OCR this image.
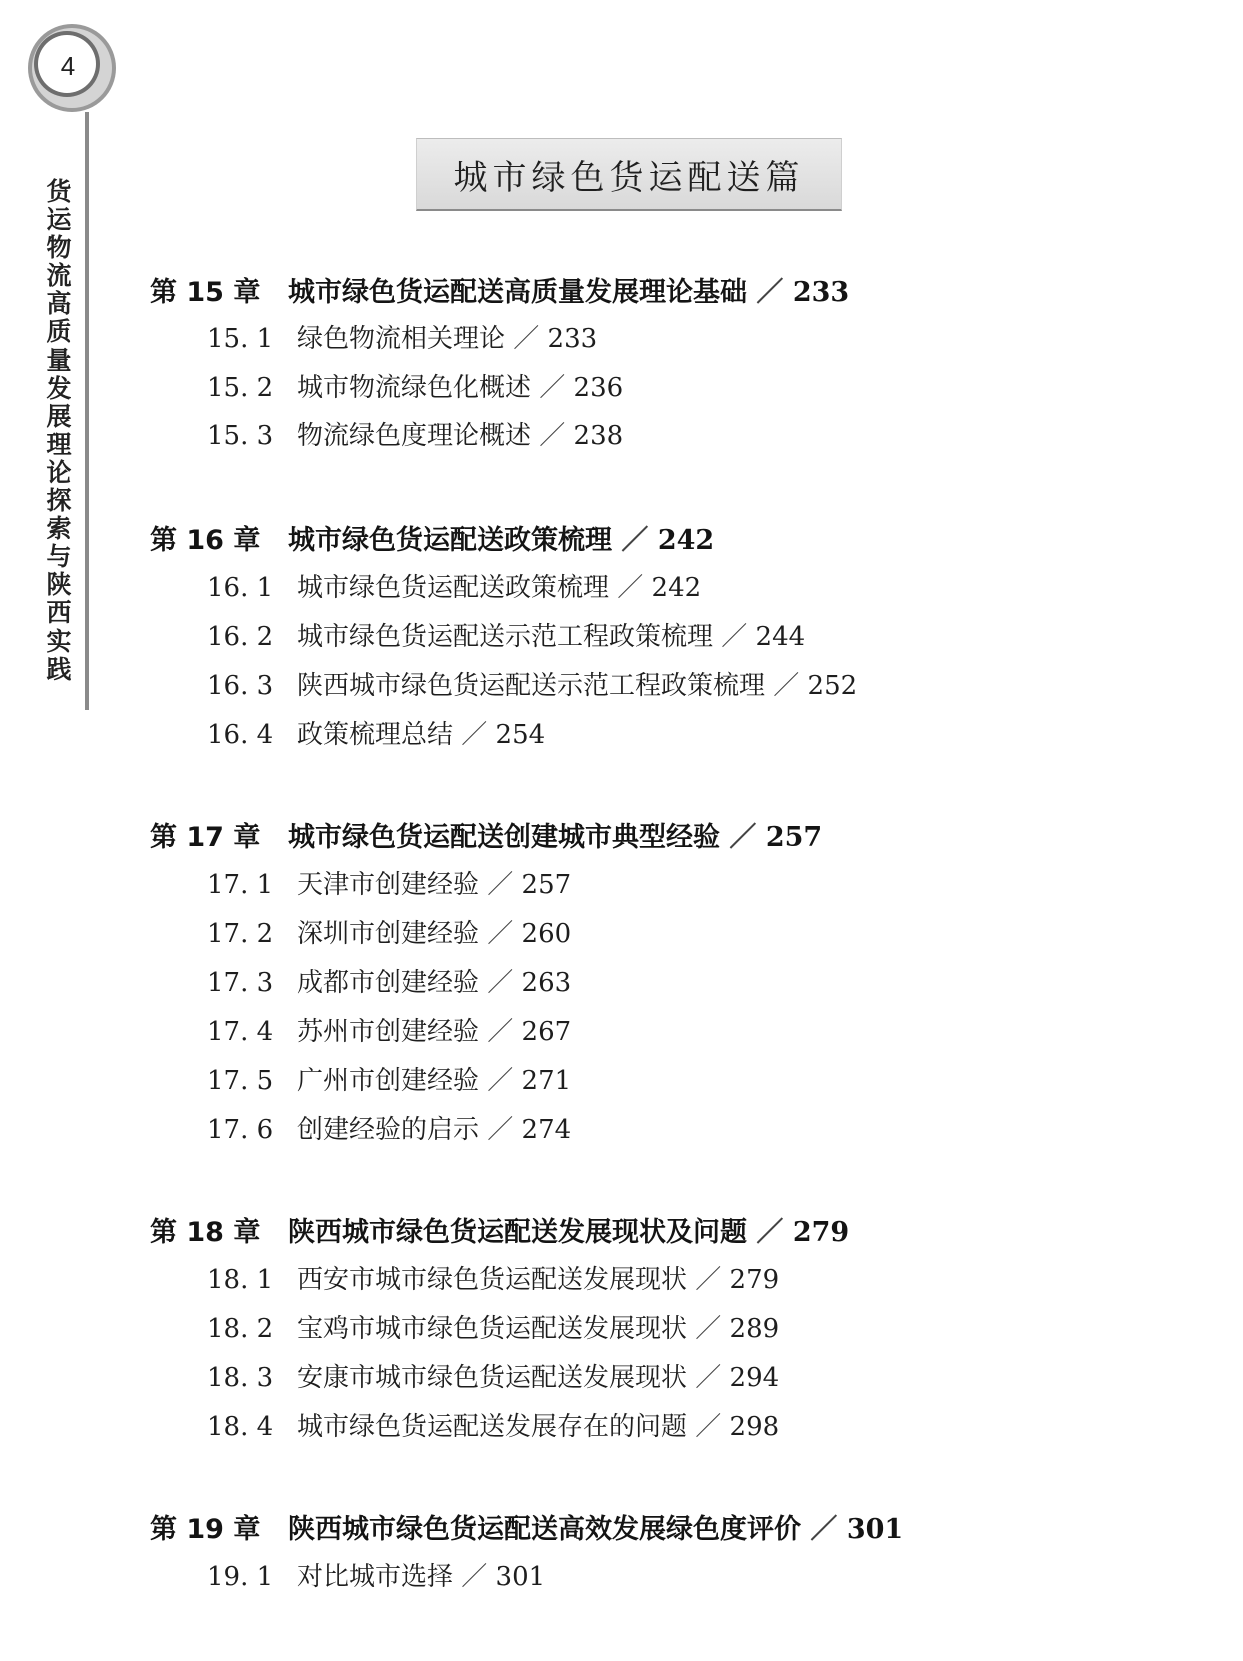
4
货运物流高质量发展理论探索与陕西实践
城市绿色货运配送篇
第 15 章 城市绿色货运配送高质量发展理论基础 ／ 233
15. 1 绿色物流相关理论 ／ 233
15. 2 城市物流绿色化概述 ／ 236
15. 3 物流绿色度理论概述 ／ 238
第 16 章 城市绿色货运配送政策梳理 ／ 242
16. 1 城市绿色货运配送政策梳理 ／ 242
16. 2 城市绿色货运配送示范工程政策梳理 ／ 244
16. 3 陕西城市绿色货运配送示范工程政策梳理 ／ 252
16. 4 政策梳理总结 ／ 254
第 17 章 城市绿色货运配送创建城市典型经验 ／ 257
17. 1 天津市创建经验 ／ 257
17. 2 深圳市创建经验 ／ 260
17. 3 成都市创建经验 ／ 263
17. 4 苏州市创建经验 ／ 267
17. 5 广州市创建经验 ／ 271
17. 6 创建经验的启示 ／ 274
第 18 章 陕西城市绿色货运配送发展现状及问题 ／ 279
18. 1 西安市城市绿色货运配送发展现状 ／ 279
18. 2 宝鸡市城市绿色货运配送发展现状 ／ 289
18. 3 安康市城市绿色货运配送发展现状 ／ 294
18. 4 城市绿色货运配送发展存在的问题 ／ 298
第 19 章 陕西城市绿色货运配送高效发展绿色度评价 ／ 301
19. 1 对比城市选择 ／ 301
